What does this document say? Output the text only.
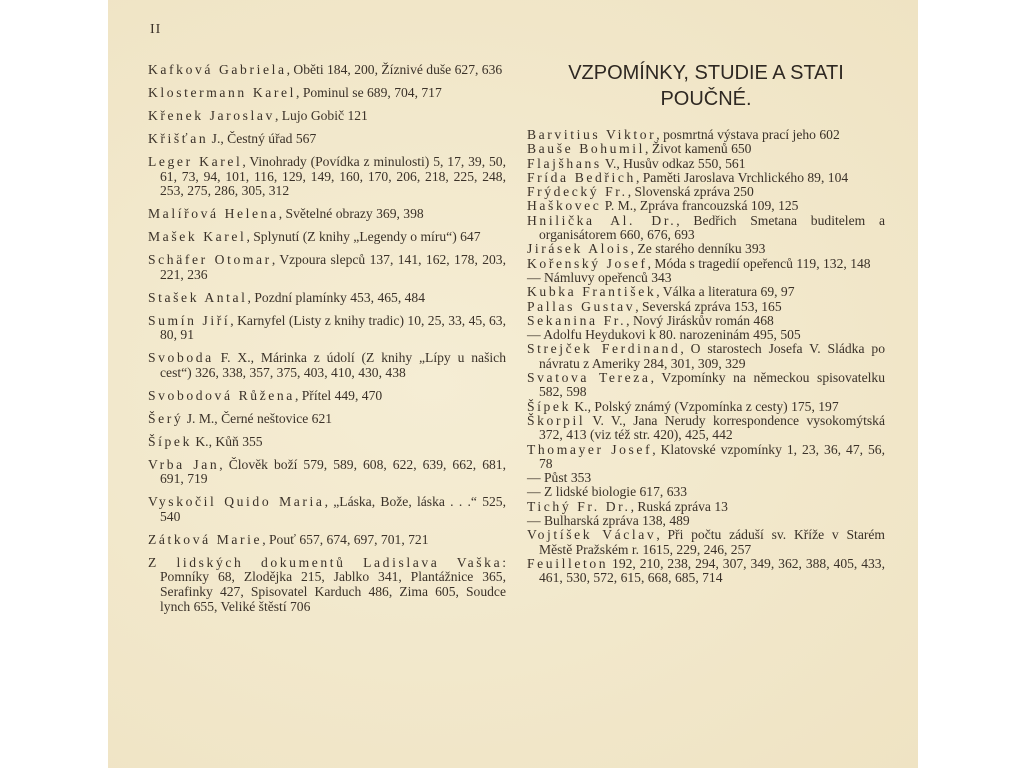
II

Kafková Gabriela, Oběti 184, 200, Žíznivé duše 627, 636

Klostermann Karel, Pominul se 689, 704, 717

Křenek Jaroslav, Lujo Gobič 121

Křišťan J., Čestný úřad 567

Leger Karel, Vinohrady (Povídka z minulosti) 5, 17, 39, 50, 61, 73, 94, 101, 116, 129, 149, 160, 170, 206, 218, 225, 248, 253, 275, 286, 305, 312

Malířová Helena, Světelné obrazy 369, 398

Mašek Karel, Splynutí (Z knihy „Legendy o míru“) 647

Schäfer Otomar, Vzpoura slepců 137, 141, 162, 178, 203, 221, 236

Stašek Antal, Pozdní plamínky 453, 465, 484

Sumín Jiří, Karnyfel (Listy z knihy tradic) 10, 25, 33, 45, 63, 80, 91

Svoboda F. X., Márinka z údolí (Z knihy „Lípy u našich cest“) 326, 338, 357, 375, 403, 410, 430, 438

Svobodová Růžena, Přítel 449, 470

Šerý J. M., Černé neštovice 621

Šípek K., Kůň 355

Vrba Jan, Člověk boží 579, 589, 608, 622, 639, 662, 681, 691, 719

Vyskočil Quido Maria, „Láska, Bože, láska . . .“ 525, 540

Zátková Marie, Pouť 657, 674, 697, 701, 721

Z lidských dokumentů Ladislava Vaška: Pomníky 68, Zlodějka 215, Jablko 341, Plantážnice 365, Serafinky 427, Spisovatel Karduch 486, Zima 605, Soudce lynch 655, Veliké štěstí 706

VZPOMÍNKY, STUDIE A STATI
POUČNÉ.

Barvitius Viktor, posmrtná výstava prací jeho 602

Bauše Bohumil, Život kamenů 650

Flajšhans V., Husův odkaz 550, 561

Frída Bedřich, Paměti Jaroslava Vrchlického 89, 104

Frýdecký Fr., Slovenská zpráva 250

Haškovec P. M., Zpráva francouzská 109, 125

Hnilička Al. Dr., Bedřich Smetana buditelem a organisátorem 660, 676, 693

Jirásek Alois, Ze starého denníku 393

Kořenský Josef, Móda s tragedií opeřenců 119, 132, 148

— Námluvy opeřenců 343

Kubka František, Válka a literatura 69, 97

Pallas Gustav, Severská zpráva 153, 165

Sekanina Fr., Nový Jiráskův román 468

— Adolfu Heydukovi k 80. narozeninám 495, 505

Strejček Ferdinand, O starostech Josefa V. Sládka po návratu z Ameriky 284, 301, 309, 329

Svatova Tereza, Vzpomínky na německou spisovatelku 582, 598

Šípek K., Polský známý (Vzpomínka z cesty) 175, 197

Škorpil V. V., Jana Nerudy korrespondence vysokomýtská 372, 413 (viz též str. 420), 425, 442

Thomayer Josef, Klatovské vzpomínky 1, 23, 36, 47, 56, 78

— Půst 353

— Z lidské biologie 617, 633

Tichý Fr. Dr., Ruská zpráva 13

— Bulharská zpráva 138, 489

Vojtíšek Václav, Při počtu záduší sv. Kříže v Starém Městě Pražském r. 1615, 229, 246, 257

Feuilleton 192, 210, 238, 294, 307, 349, 362, 388, 405, 433, 461, 530, 572, 615, 668, 685, 714
